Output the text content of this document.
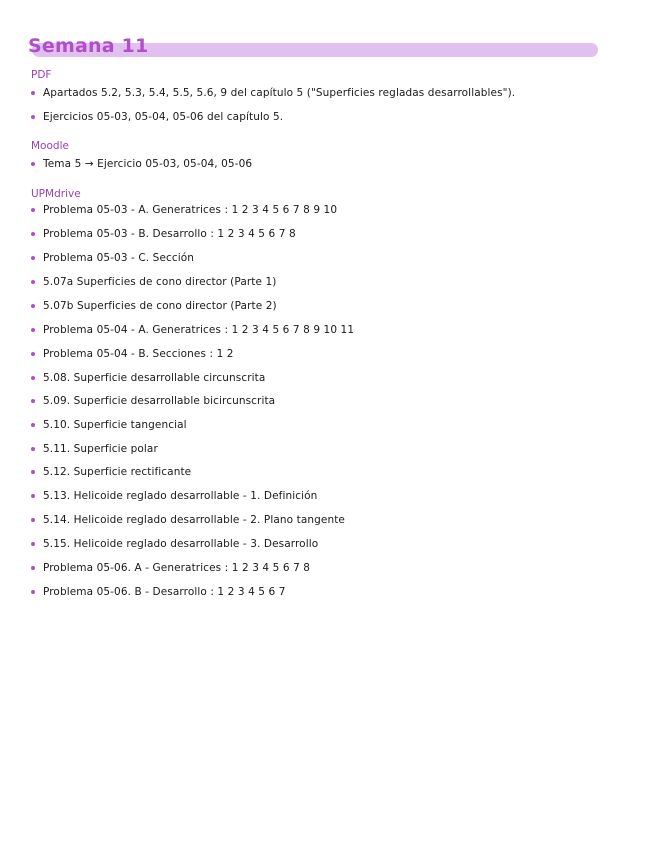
Semana 11
PDF
Apartados 5.2, 5.3, 5.4, 5.5, 5.6, 9 del capítulo 5 ("Superficies regladas desarrollables").
Ejercicios 05-03, 05-04, 05-06 del capítulo 5.
Moodle
Tema 5 → Ejercicio 05-03, 05-04, 05-06
UPMdrive
Problema 05-03 - A. Generatrices : 1 2 3 4 5 6 7 8 9 10
Problema 05-03 - B. Desarrollo : 1 2 3 4 5 6 7 8
Problema 05-03 - C. Sección
5.07a Superficies de cono director (Parte 1)
5.07b Superficies de cono director (Parte 2)
Problema 05-04 - A. Generatrices : 1 2 3 4 5 6 7 8 9 10 11
Problema 05-04 - B. Secciones : 1 2
5.08. Superficie desarrollable circunscrita
5.09. Superficie desarrollable bicircunscrita
5.10. Superficie tangencial
5.11. Superficie polar
5.12. Superficie rectificante
5.13. Helicoide reglado desarrollable - 1. Definición
5.14. Helicoide reglado desarrollable - 2. Plano tangente
5.15. Helicoide reglado desarrollable - 3. Desarrollo
Problema 05-06. A - Generatrices : 1 2 3 4 5 6 7 8
Problema 05-06. B - Desarrollo : 1 2 3 4 5 6 7
